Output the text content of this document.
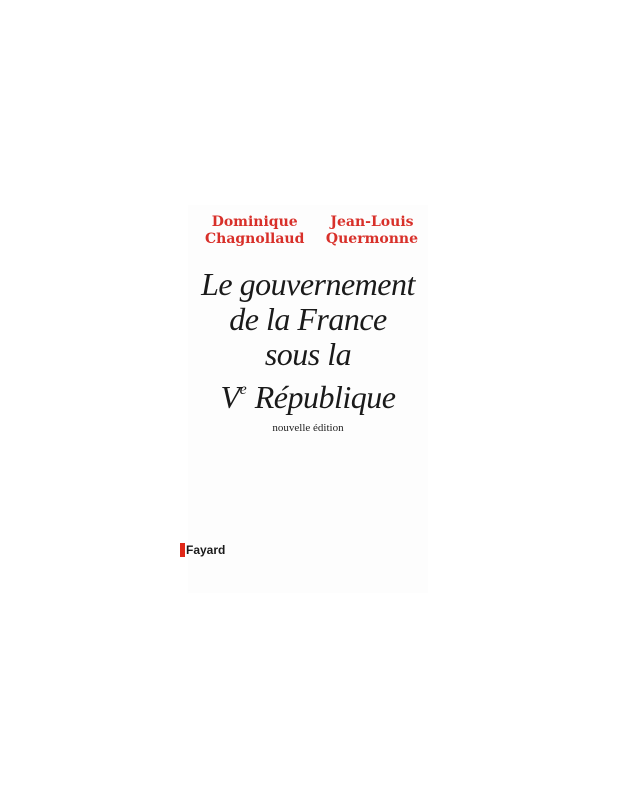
Dominique
Chagnollaud
Jean-Louis
Quermonne
Le gouvernement
de la France
sous la
Ve République
nouvelle édition
Fayard
